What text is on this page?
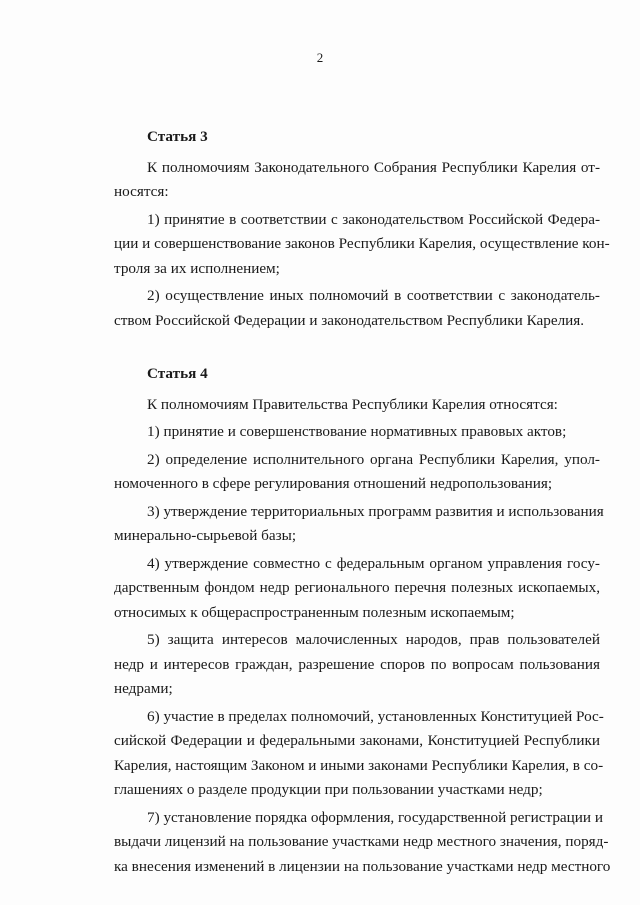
2
Статья 3
К полномочиям Законодательного Собрания Республики Карелия от-
носятся:
1) принятие в соответствии с законодательством Российской Федера-
ции и совершенствование законов Республики Карелия, осуществление кон-
троля за их исполнением;
2) осуществление иных полномочий в соответствии с законодатель-
ством Российской Федерации и законодательством Республики Карелия.
Статья 4
К полномочиям Правительства Республики Карелия относятся:
1) принятие и совершенствование нормативных правовых актов;
2) определение исполнительного органа Республики Карелия, упол-
номоченного в сфере регулирования отношений недропользования;
3) утверждение территориальных программ развития и использования
минерально-сырьевой базы;
4) утверждение совместно с федеральным органом управления госу-
дарственным фондом недр регионального перечня полезных ископаемых,
относимых к общераспространенным полезным ископаемым;
5) защита интересов малочисленных народов, прав пользователей
недр и интересов граждан, разрешение споров по вопросам пользования
недрами;
6) участие в пределах полномочий, установленных Конституцией Рос-
сийской Федерации и федеральными законами, Конституцией Республики
Карелия, настоящим Законом и иными законами Республики Карелия, в со-
глашениях о разделе продукции при пользовании участками недр;
7) установление порядка оформления, государственной регистрации и
выдачи лицензий на пользование участками недр местного значения, поряд-
ка внесения изменений в лицензии на пользование участками недр местного
